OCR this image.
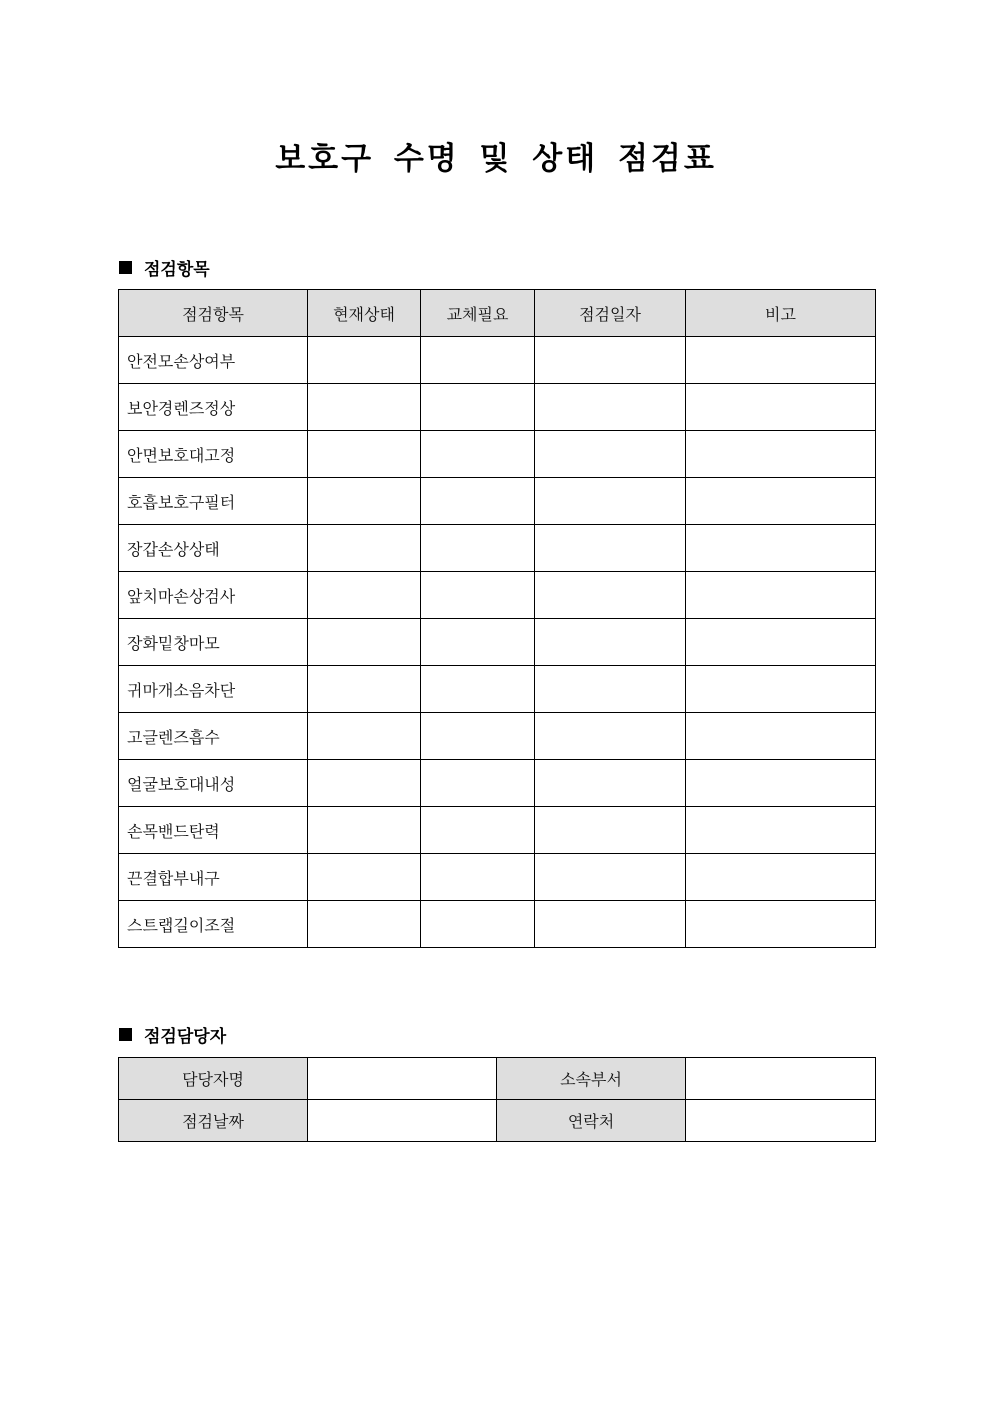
보호구 수명 및 상태 점검표
점검항목
점검항목	현재상태	교체필요	점검일자	비고
안전모손상여부				
보안경렌즈정상				
안면보호대고정				
호흡보호구필터				
장갑손상상태				
앞치마손상검사				
장화밑창마모				
귀마개소음차단				
고글렌즈흡수				
얼굴보호대내성				
손목밴드탄력				
끈결합부내구				
스트랩길이조절				
점검담당자
담당자명		소속부서	
점검날짜		연락처	
